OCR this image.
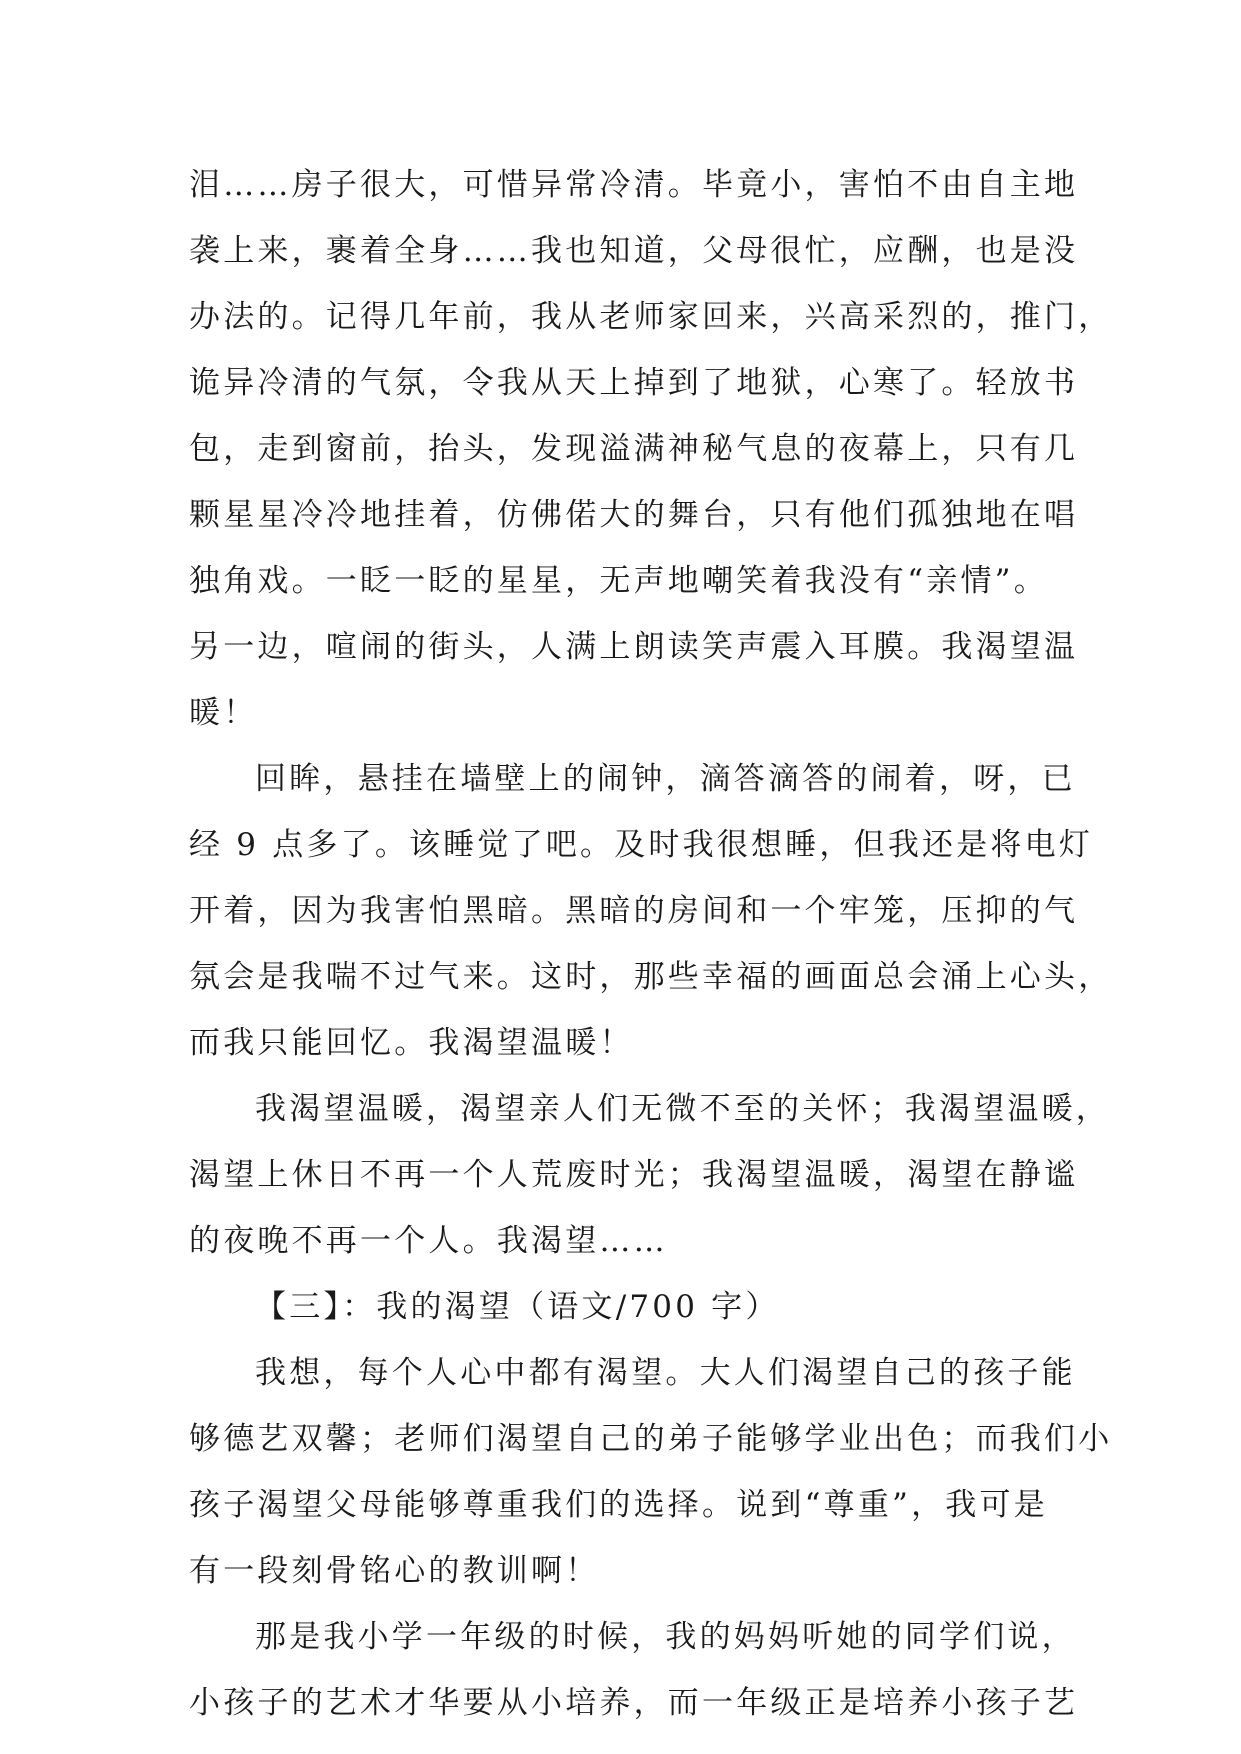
泪……房子很大，可惜异常冷清。毕竟小，害怕不由自主地
袭上来，裹着全身……我也知道，父母很忙，应酬，也是没
办法的。记得几年前，我从老师家回来，兴高采烈的，推门，
诡异冷清的气氛，令我从天上掉到了地狱，心寒了。轻放书
包，走到窗前，抬头，发现溢满神秘气息的夜幕上，只有几
颗星星冷冷地挂着，仿佛偌大的舞台，只有他们孤独地在唱
独角戏。一眨一眨的星星，无声地嘲笑着我没有“亲情”。
另一边，喧闹的街头，人满上朗读笑声震入耳膜。我渴望温
暖！
回眸，悬挂在墙壁上的闹钟，滴答滴答的闹着，呀，已
经 9 点多了。该睡觉了吧。及时我很想睡，但我还是将电灯
开着，因为我害怕黑暗。黑暗的房间和一个牢笼，压抑的气
氛会是我喘不过气来。这时，那些幸福的画面总会涌上心头，
而我只能回忆。我渴望温暖！
我渴望温暖，渴望亲人们无微不至的关怀；我渴望温暖，
渴望上休日不再一个人荒废时光；我渴望温暖，渴望在静谧
的夜晚不再一个人。我渴望……
【三】：我的渴望（语文/700 字）
我想，每个人心中都有渴望。大人们渴望自己的孩子能
够德艺双馨；老师们渴望自己的弟子能够学业出色；而我们小
孩子渴望父母能够尊重我们的选择。说到“尊重”，我可是
有一段刻骨铭心的教训啊！
那是我小学一年级的时候，我的妈妈听她的同学们说，
小孩子的艺术才华要从小培养，而一年级正是培养小孩子艺
